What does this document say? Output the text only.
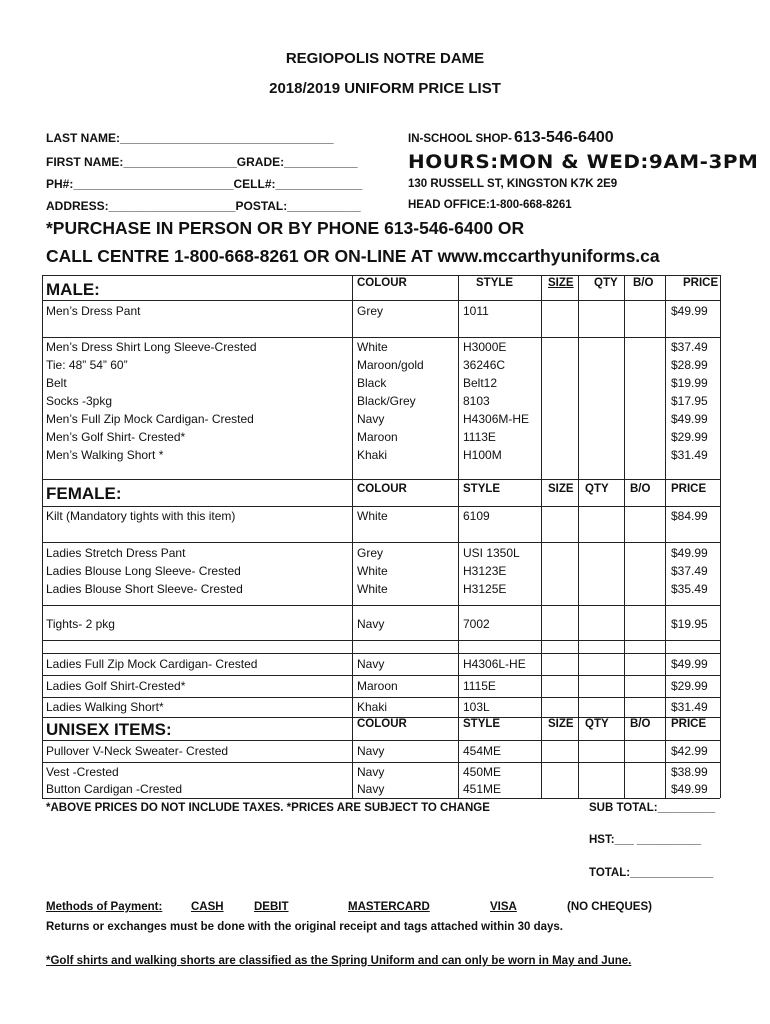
REGIOPOLIS NOTRE DAME
2018/2019 UNIFORM PRICE LIST
LAST NAME:________________________________
FIRST NAME:_________________GRADE:___________
PH#:________________________CELL#:_____________
ADDRESS:___________________POSTAL:___________
IN-SCHOOL SHOP- 613-546-6400
HOURS:MON & WED:9AM-3PM
130 RUSSELL ST, KINGSTON K7K 2E9
HEAD OFFICE:1-800-668-8261
*PURCHASE IN PERSON OR BY PHONE 613-546-6400 OR
CALL CENTRE 1-800-668-8261 OR ON-LINE AT www.mccarthyuniforms.ca
MALE:	COLOUR	STYLE	SIZE QTY B/O	PRICE
Men’s Dress Pant	Grey	1011	$49.99
Men’s Dress Shirt Long Sleeve-Crested	White	H3000E	$37.49
Tie: 48” 54” 60”	Maroon/gold	36246C	$28.99
Belt	Black	Belt12	$19.99
Socks -3pkg	Black/Grey	8103	$17.95
Men’s Full Zip Mock Cardigan- Crested	Navy	H4306M-HE	$49.99
Men’s Golf Shirt- Crested*	Maroon	1113E	$29.99
Men’s Walking Short *	Khaki	H100M	$31.49
FEMALE:	COLOUR	STYLE	SIZE QTY B/O PRICE
Kilt (Mandatory tights with this item)	White	6109	$84.99
Ladies Stretch Dress Pant	Grey	USI 1350L	$49.99
Ladies Blouse Long Sleeve- Crested	White	H3123E	$37.49
Ladies Blouse Short Sleeve- Crested	White	H3125E	$35.49
Tights- 2 pkg	Navy	7002	$19.95
Ladies Full Zip Mock Cardigan- Crested	Navy	H4306L-HE	$49.99
Ladies Golf Shirt-Crested*	Maroon	1115E	$29.99
Ladies Walking Short*	Khaki	103L	$31.49
UNISEX ITEMS:	COLOUR	STYLE	SIZE QTY B/O PRICE
Pullover V-Neck Sweater- Crested	Navy	454ME	$42.99
Vest -Crested	Navy	450ME	$38.99
Button Cardigan -Crested	Navy	451ME	$49.99
*ABOVE PRICES DO NOT INCLUDE TAXES. *PRICES ARE SUBJECT TO CHANGE	SUB TOTAL:_________
HST:___ __________
TOTAL:_____________
Methods of Payment: CASH	DEBIT	MASTERCARD	VISA	(NO CHEQUES)
Returns or exchanges must be done with the original receipt and tags attached within 30 days.
*Golf shirts and walking shorts are classified as the Spring Uniform and can only be worn in May and June.
